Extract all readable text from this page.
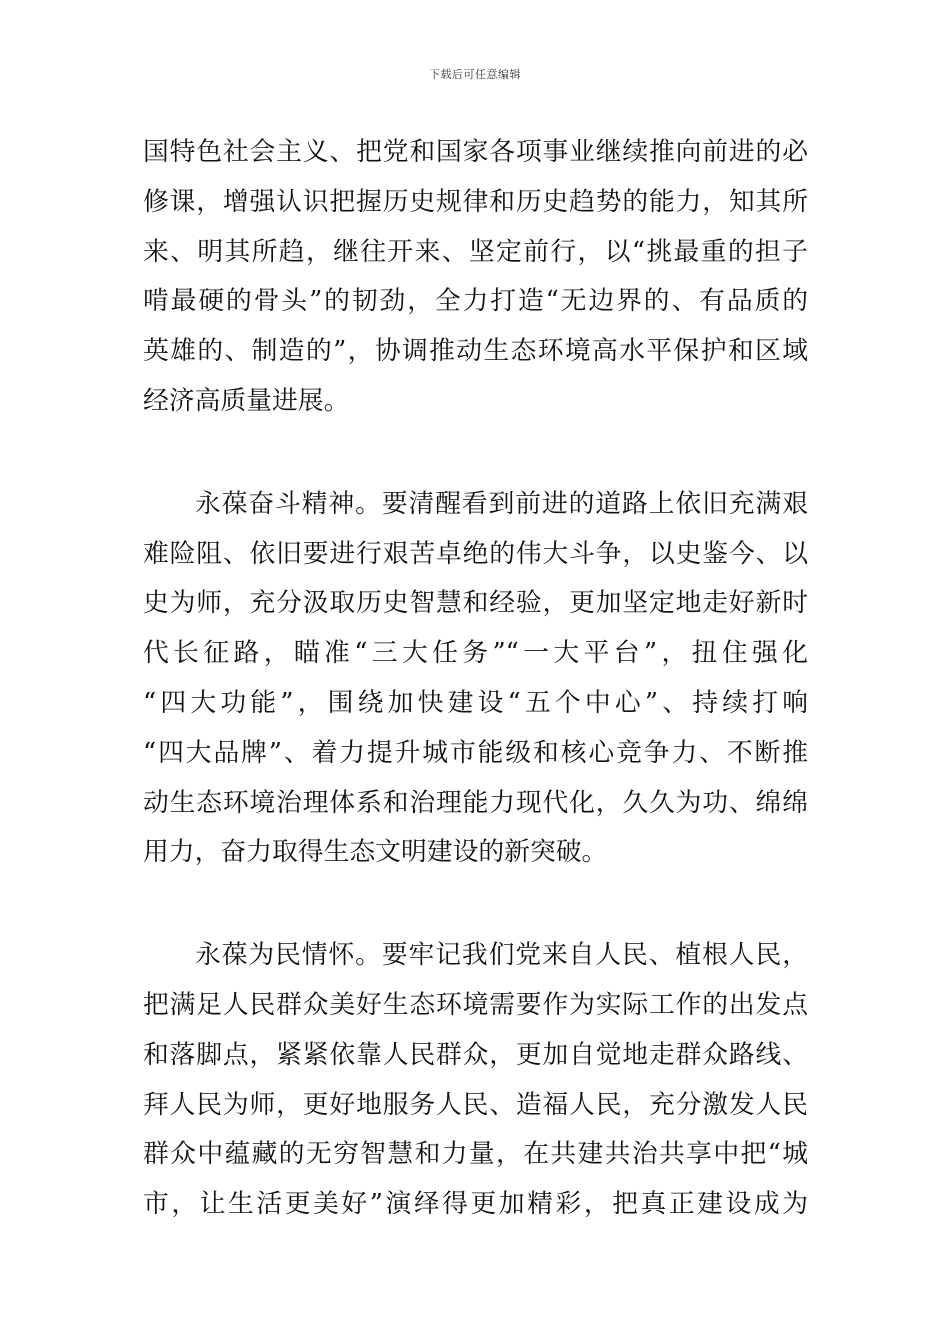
下载后可任意编辑
国特色社会主义、把党和国家各项事业继续推向前进的必
修课，增强认识把握历史规律和历史趋势的能力，知其所
来、明其所趋，继往开来、坚定前行，以“挑最重的担子
啃最硬的骨头”的韧劲，全力打造“无边界的、有品质的
英雄的、制造的”，协调推动生态环境高水平保护和区域
经济高质量进展。
永葆奋斗精神。要清醒看到前进的道路上依旧充满艰
难险阻、依旧要进行艰苦卓绝的伟大斗争，以史鉴今、以
史为师，充分汲取历史智慧和经验，更加坚定地走好新时
代长征路，瞄准“三大任务”“一大平台”，扭住强化
“四大功能”，围绕加快建设“五个中心”、持续打响
“四大品牌”、着力提升城市能级和核心竞争力、不断推
动生态环境治理体系和治理能力现代化，久久为功、绵绵
用力，奋力取得生态文明建设的新突破。
永葆为民情怀。要牢记我们党来自人民、植根人民，
把满足人民群众美好生态环境需要作为实际工作的出发点
和落脚点，紧紧依靠人民群众，更加自觉地走群众路线、
拜人民为师，更好地服务人民、造福人民，充分激发人民
群众中蕴藏的无穷智慧和力量，在共建共治共享中把“城
市，让生活更美好”演绎得更加精彩，把真正建设成为
